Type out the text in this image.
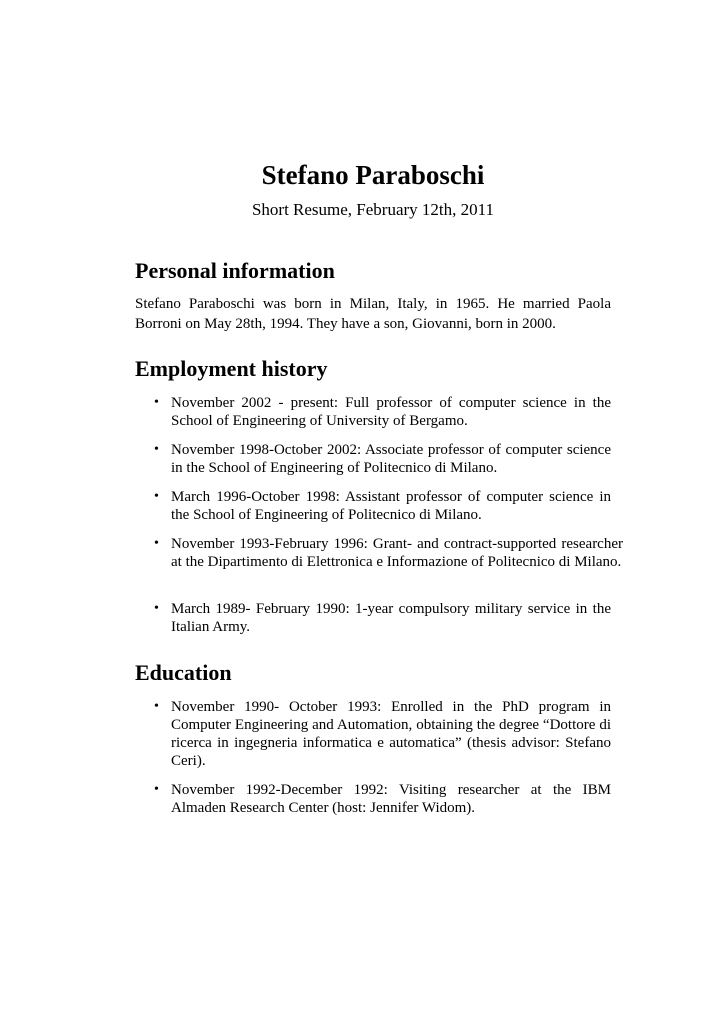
Stefano Paraboschi
Short Resume, February 12th, 2011
Personal information

Stefano Paraboschi was born in Milan, Italy, in 1965. He married Paola Borroni on May 28th, 1994. They have a son, Giovanni, born in 2000.

Employment history
• November 2002 - present: Full professor of computer science in the School of Engineering of University of Bergamo.
• November 1998-October 2002: Associate professor of computer science in the School of Engineering of Politecnico di Milano.
• March 1996-October 1998: Assistant professor of computer science in the School of Engineering of Politecnico di Milano.
• November 1993-February 1996: Grant- and contract-supported researcher at the Dipartimento di Elettronica e Informazione of Politecnico di Milano.
• March 1989- February 1990: 1-year compulsory military service in the Italian Army.
Education
• November 1990- October 1993: Enrolled in the PhD program in Computer Engineering and Automation, obtaining the degree “Dottore di ricerca in ingegneria informatica e automatica” (thesis advisor: Stefano Ceri).
• November 1992-December 1992: Visiting researcher at the IBM Almaden Research Center (host: Jennifer Widom).
